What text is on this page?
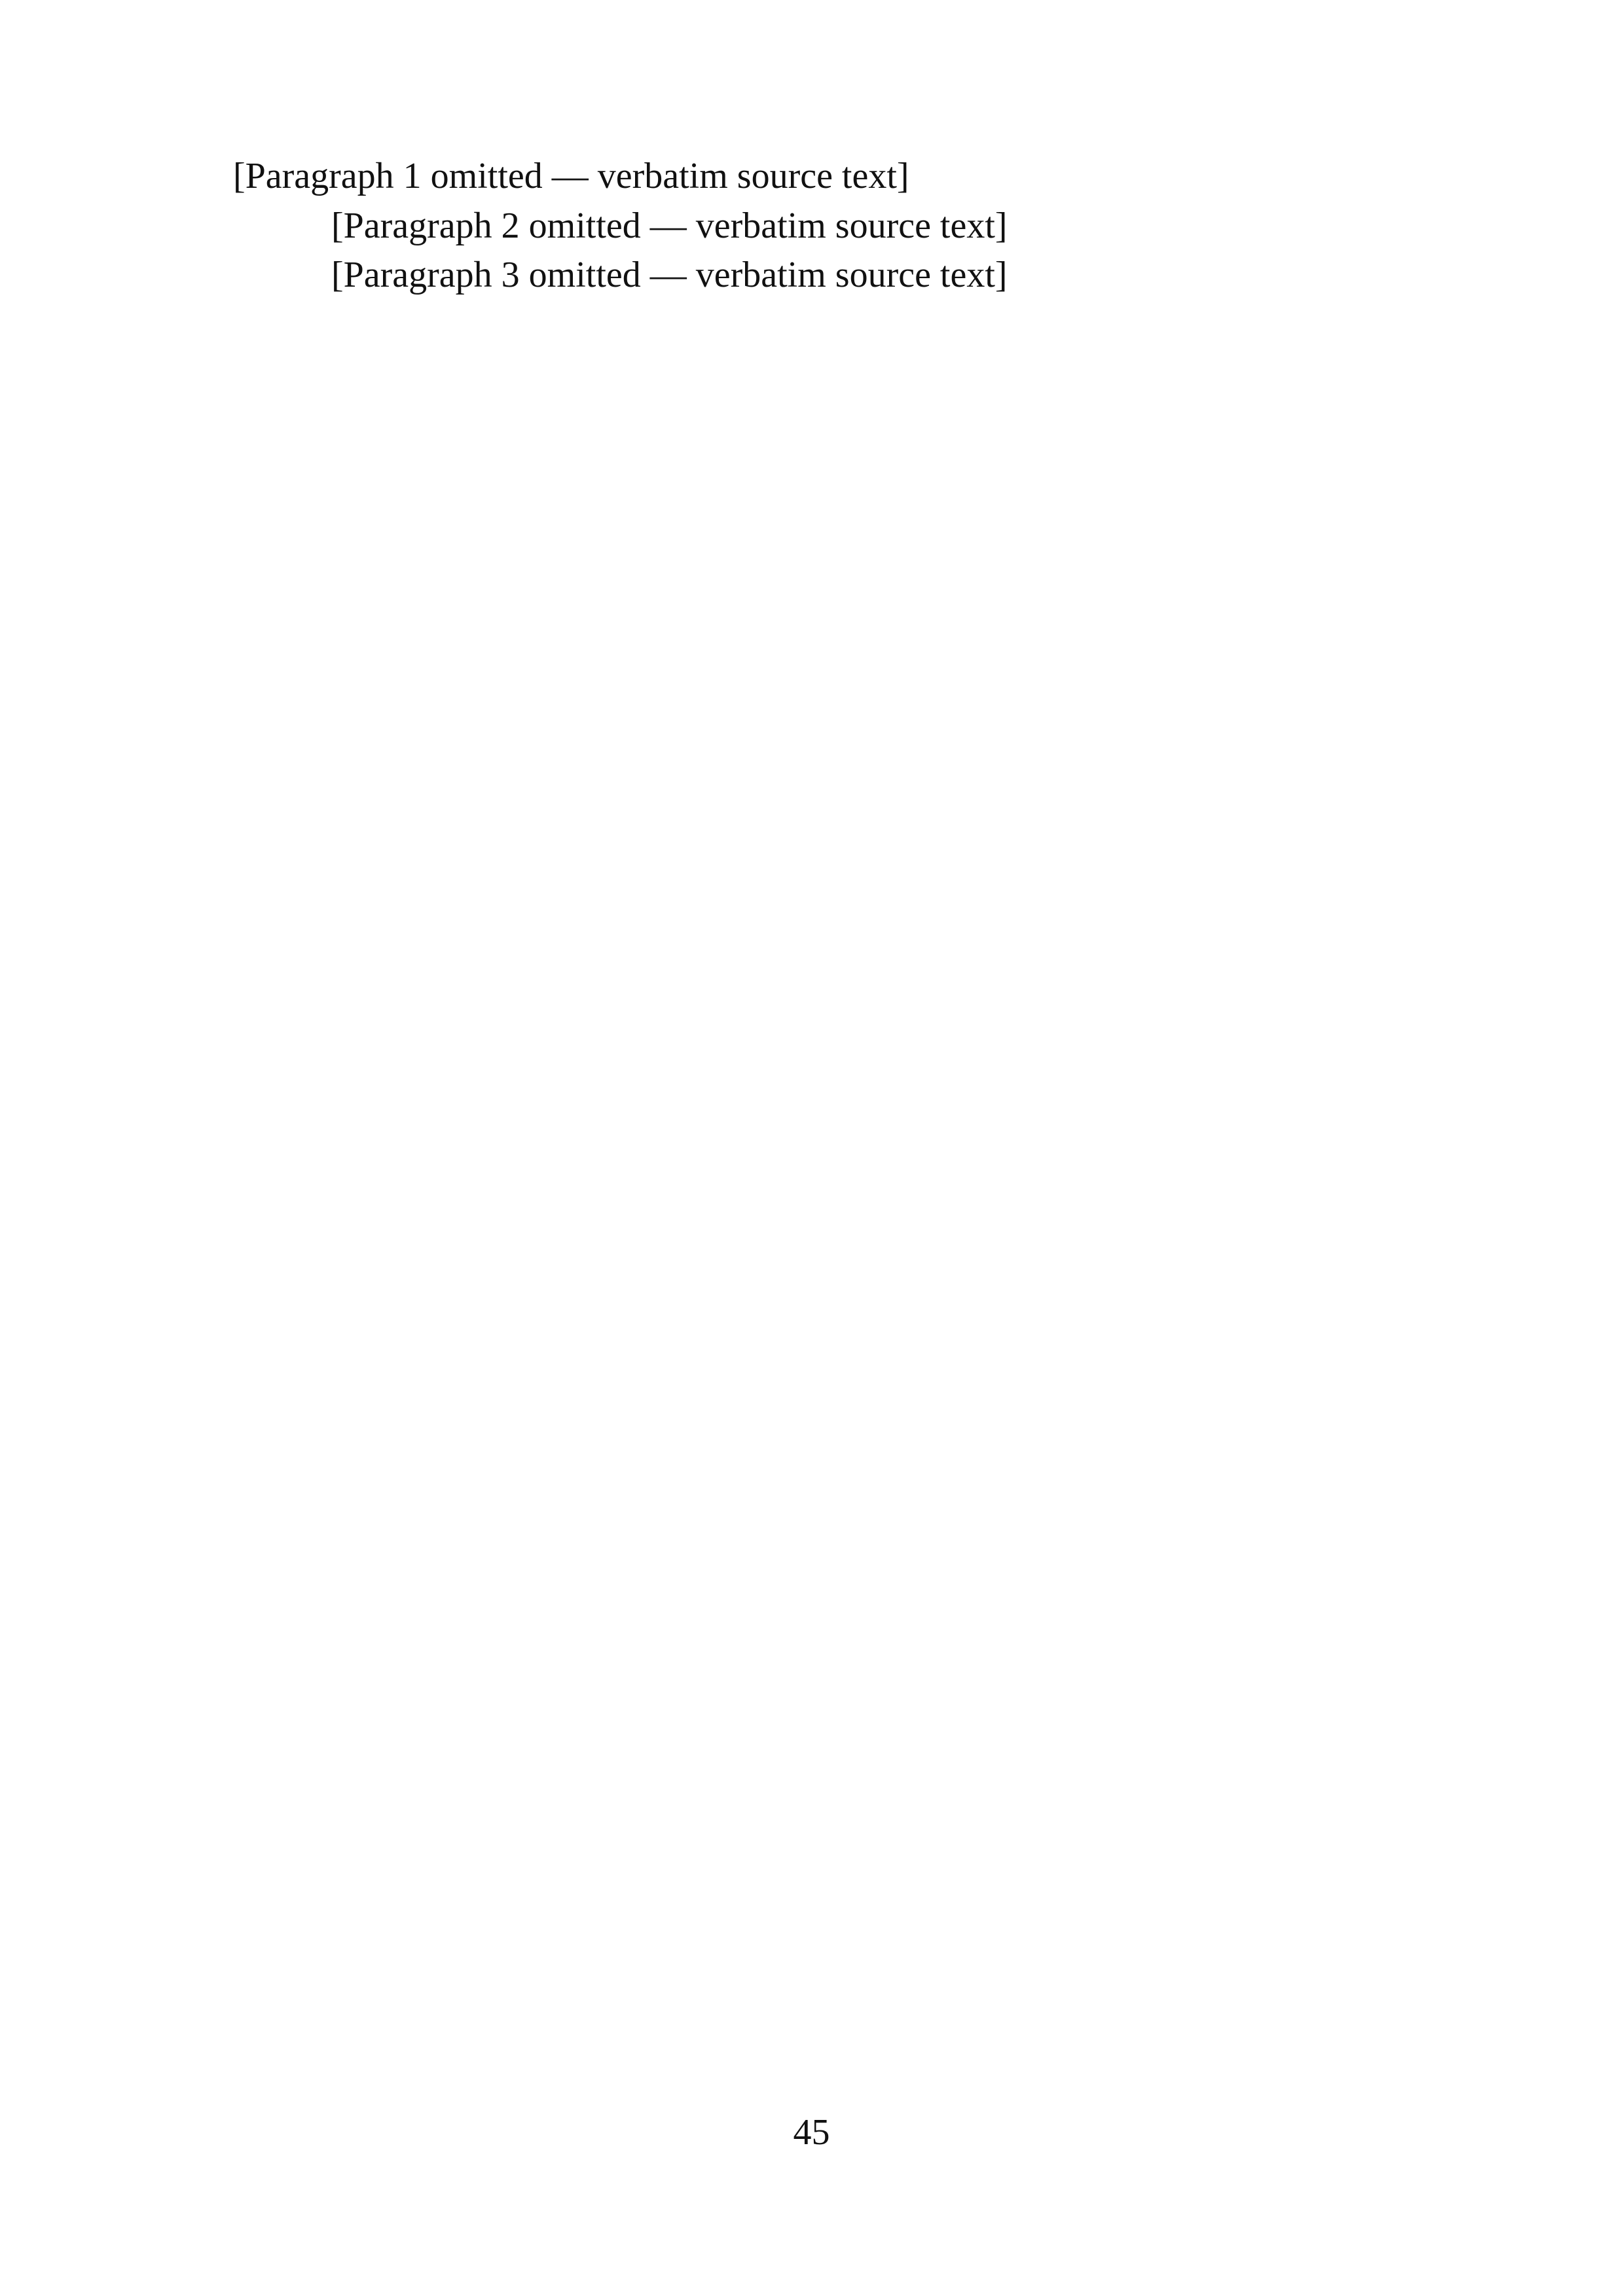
[Paragraph 1 omitted — verbatim source text]

[Paragraph 2 omitted — verbatim source text]

[Paragraph 3 omitted — verbatim source text]

45
